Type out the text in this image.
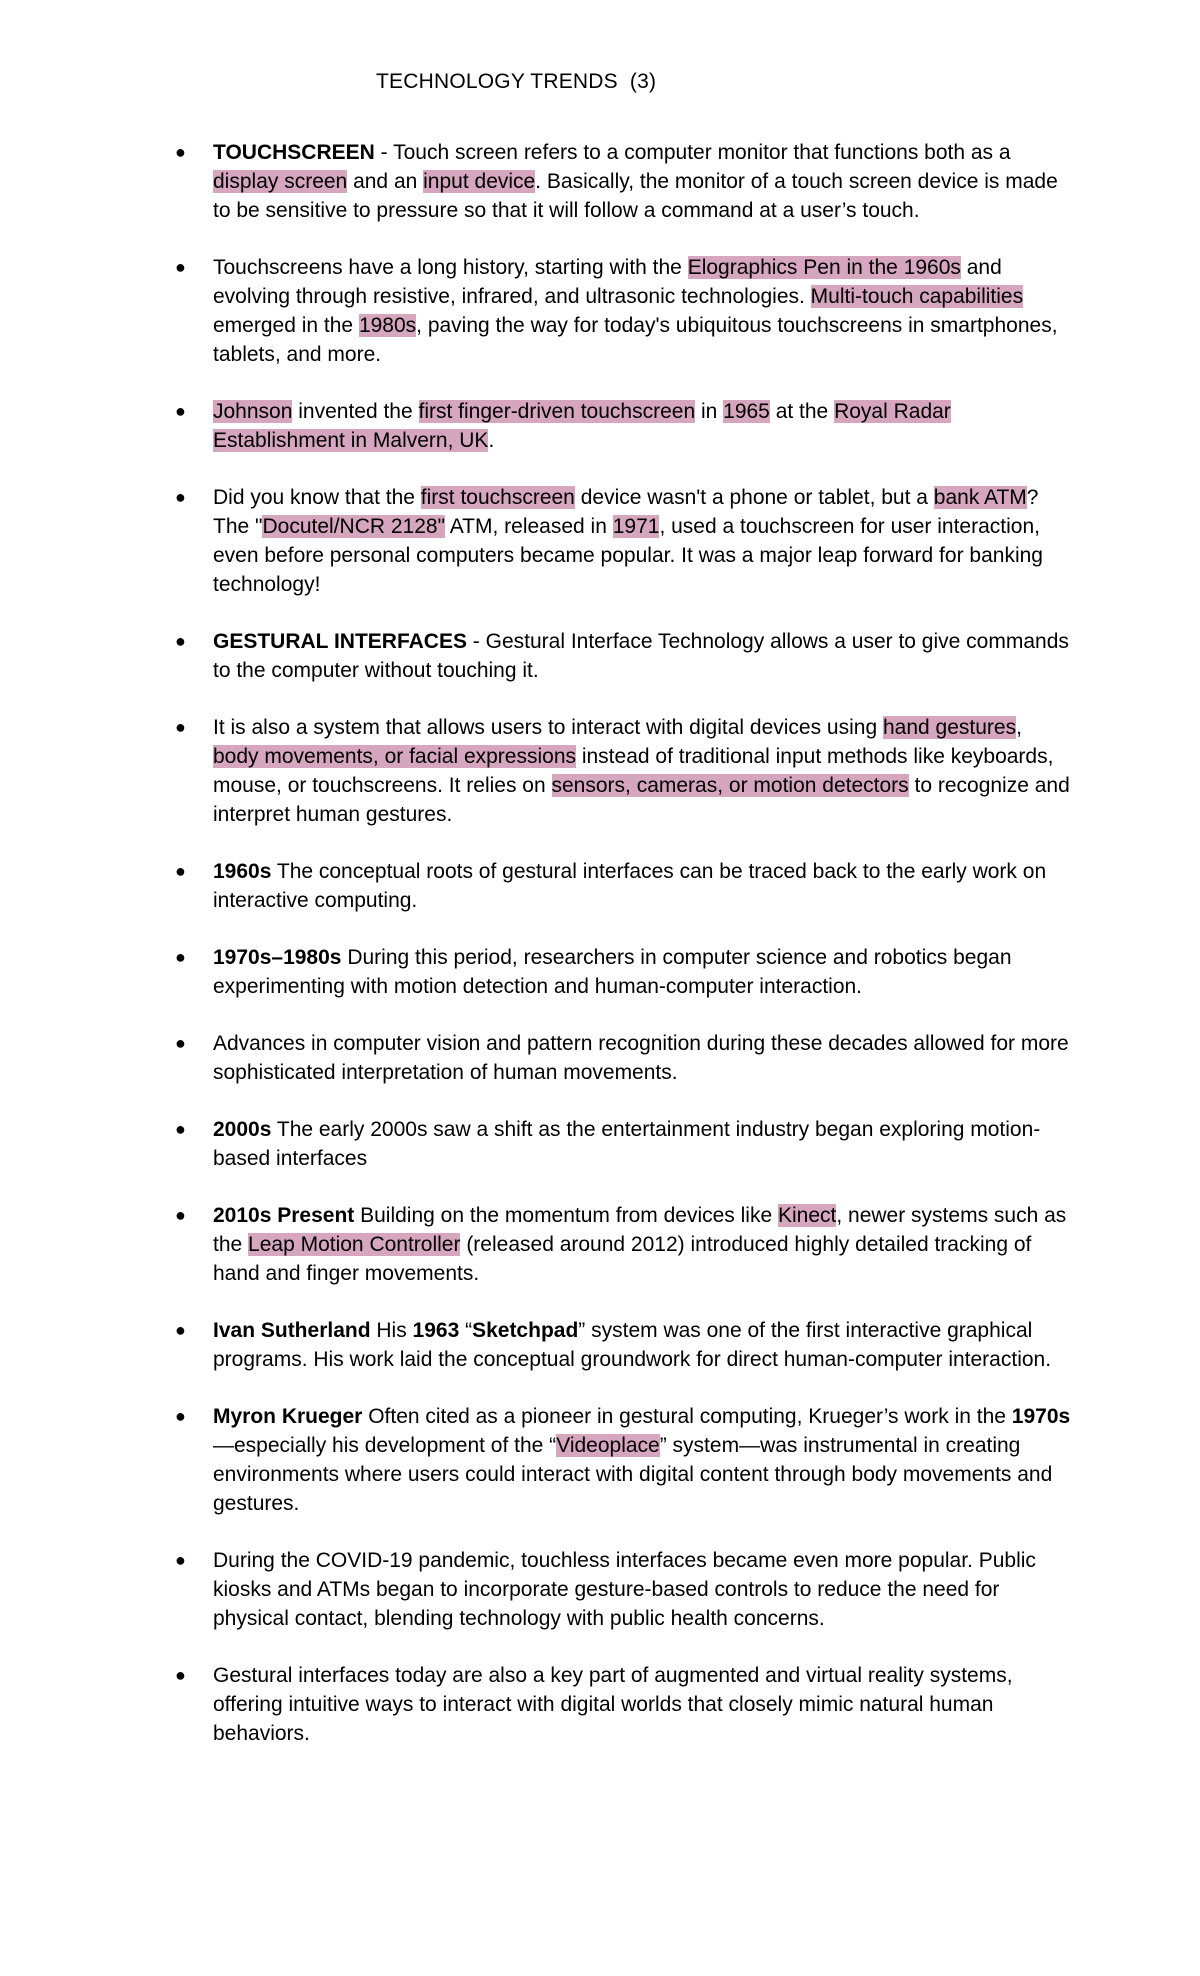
TECHNOLOGY TRENDS  (3)
● TOUCHSCREEN - Touch screen refers to a computer monitor that functions both as a display screen and an input device. Basically, the monitor of a touch screen device is made to be sensitive to pressure so that it will follow a command at a user’s touch.
● Touchscreens have a long history, starting with the Elographics Pen in the 1960s and evolving through resistive, infrared, and ultrasonic technologies. Multi-touch capabilities emerged in the 1980s, paving the way for today's ubiquitous touchscreens in smartphones, tablets, and more.
● Johnson invented the first finger-driven touchscreen in 1965 at the Royal Radar Establishment in Malvern, UK.
● Did you know that the first touchscreen device wasn't a phone or tablet, but a bank ATM? The "Docutel/NCR 2128" ATM, released in 1971, used a touchscreen for user interaction, even before personal computers became popular. It was a major leap forward for banking technology!
● GESTURAL INTERFACES - Gestural Interface Technology allows a user to give commands to the computer without touching it.
● It is also a system that allows users to interact with digital devices using hand gestures, body movements, or facial expressions instead of traditional input methods like keyboards, mouse, or touchscreens. It relies on sensors, cameras, or motion detectors to recognize and interpret human gestures.
● 1960s The conceptual roots of gestural interfaces can be traced back to the early work on interactive computing.
● 1970s–1980s During this period, researchers in computer science and robotics began experimenting with motion detection and human-computer interaction.
● Advances in computer vision and pattern recognition during these decades allowed for more sophisticated interpretation of human movements.
● 2000s The early 2000s saw a shift as the entertainment industry began exploring motion-based interfaces
● 2010s Present Building on the momentum from devices like Kinect, newer systems such as the Leap Motion Controller (released around 2012) introduced highly detailed tracking of hand and finger movements.
● Ivan Sutherland His 1963 “Sketchpad” system was one of the first interactive graphical programs. His work laid the conceptual groundwork for direct human-computer interaction.
● Myron Krueger Often cited as a pioneer in gestural computing, Krueger’s work in the 1970s—especially his development of the “Videoplace” system—was instrumental in creating environments where users could interact with digital content through body movements and gestures.
● During the COVID-19 pandemic, touchless interfaces became even more popular. Public kiosks and ATMs began to incorporate gesture-based controls to reduce the need for physical contact, blending technology with public health concerns.
● Gestural interfaces today are also a key part of augmented and virtual reality systems, offering intuitive ways to interact with digital worlds that closely mimic natural human behaviors.
